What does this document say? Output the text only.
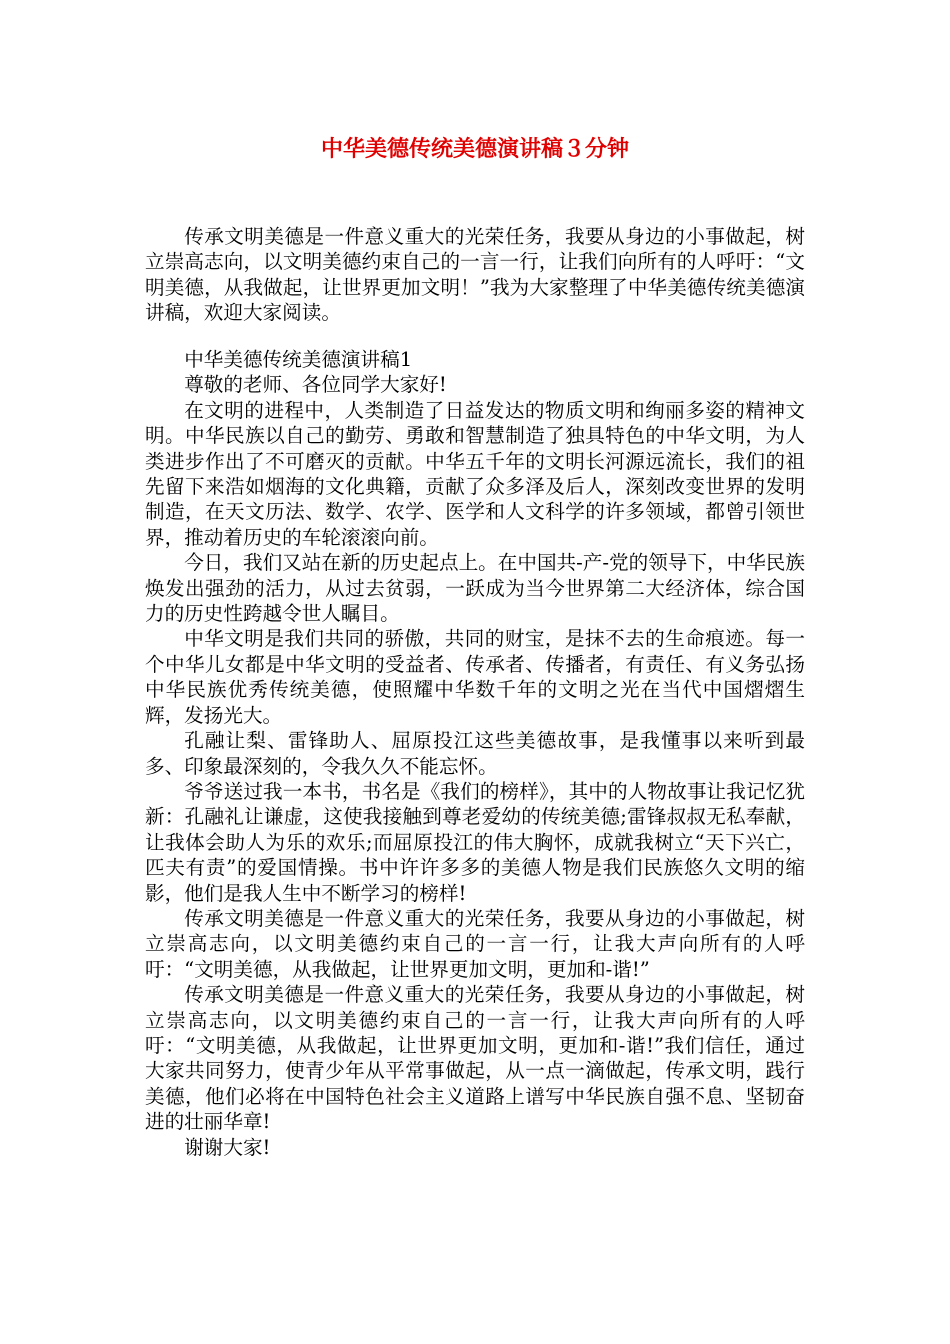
中华美德传统美德演讲稿３分钟

传承文明美德是一件意义重大的光荣任务，我要从身边的小事做起，树立崇高志向，以文明美德约束自己的一言一行，让我们向所有的人呼吁：“文明美德，从我做起，让世界更加文明！”我为大家整理了中华美德传统美德演讲稿，欢迎大家阅读。

中华美德传统美德演讲稿1

尊敬的老师、各位同学大家好!

在文明的进程中，人类制造了日益发达的物质文明和绚丽多姿的精神文明。中华民族以自己的勤劳、勇敢和智慧制造了独具特色的中华文明，为人类进步作出了不可磨灭的贡献。中华五千年的文明长河源远流长，我们的祖先留下来浩如烟海的文化典籍，贡献了众多泽及后人，深刻改变世界的发明制造，在天文历法、数学、农学、医学和人文科学的许多领域，都曾引领世界，推动着历史的车轮滚滚向前。

今日，我们又站在新的历史起点上。在中国共-产-党的领导下，中华民族焕发出强劲的活力，从过去贫弱，一跃成为当今世界第二大经济体，综合国力的历史性跨越令世人瞩目。

中华文明是我们共同的骄傲，共同的财宝，是抹不去的生命痕迹。每一个中华儿女都是中华文明的受益者、传承者、传播者，有责任、有义务弘扬中华民族优秀传统美德，使照耀中华数千年的文明之光在当代中国熠熠生辉，发扬光大。

孔融让梨、雷锋助人、屈原投江这些美德故事，是我懂事以来听到最多、印象最深刻的，令我久久不能忘怀。

爷爷送过我一本书，书名是《我们的榜样》，其中的人物故事让我记忆犹新：孔融礼让谦虚，这使我接触到尊老爱幼的传统美德;雷锋叔叔无私奉献，让我体会助人为乐的欢乐;而屈原投江的伟大胸怀，成就我树立“天下兴亡，匹夫有责”的爱国情操。书中许许多多的美德人物是我们民族悠久文明的缩影，他们是我人生中不断学习的榜样!

传承文明美德是一件意义重大的光荣任务，我要从身边的小事做起，树立崇高志向，以文明美德约束自己的一言一行，让我大声向所有的人呼吁：“文明美德，从我做起，让世界更加文明，更加和-谐!”

传承文明美德是一件意义重大的光荣任务，我要从身边的小事做起，树立崇高志向，以文明美德约束自己的一言一行，让我大声向所有的人呼吁：“文明美德，从我做起，让世界更加文明，更加和-谐!”我们信任，通过大家共同努力，使青少年从平常事做起，从一点一滴做起，传承文明，践行美德，他们必将在中国特色社会主义道路上谱写中华民族自强不息、坚韧奋进的壮丽华章!

谢谢大家!
